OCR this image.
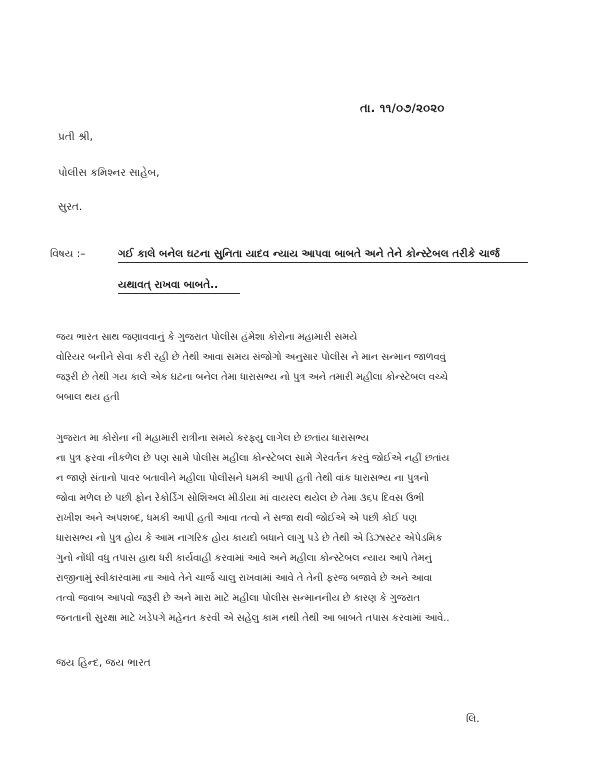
તા. ૧૧/૦૭/૨૦૨૦
પ્રતી શ્રી,
પોલીસ કમિશ્નર સાહેબ,
સુરત.
વિષય :–	ગઈ કાલે બનેલ ઘટના સુનિતા યાદવ ન્યાય આપવા બાબતે અને તેને કોન્સ્ટેબલ તરીકે ચાર્જ
યથાવત્ રાખવા બાબતે..
જય ભારત સાથ જણાવવાનું કે ગુજરાત પોલીસ હંમેશા કોરોના મહામારી સમયે
વોરિયર બનીને સેવા કરી રહી છે તેથી આવા સમય સંજોગો અનુસાર પોલીસ ને માન સન્માન જાળવવું
જરૂરી છે તેથી ગય કાલે એક ઘટના બનેલ તેમા ધારાસભ્ય નો પુત્ર અને તમારી મહીલા કોન્સ્ટેબલ વચ્ચે
બબાલ થય હતી
ગુજરાત મા કોરોના ની મહામારી રાત્રીના સમયે કરફ્યુ લાગેલ છે છતાંય ધારાસભ્ય
ના પુત્ર ફરવા નીકળેલ છે પણ સામે પોલીસ મહીલા કોન્સ્ટેબલ સામે ગેરવર્તન કરવું જોઈએ નહીં છતાંય
ન જાણે સંતાનો પાવર બતાવીને મહીલા પોલીસને ધમકી આપી હતી તેથી વાંક ધારાસભ્ય ના પુત્રનો
જોવા મળેલ છે પછી ફોન રેકોર્ડિંગ સોશિઅલ મીડીયા માં વાયરલ થયેલ છે તેમા ૩૬૫ દિવસ ઉભી
રાખીશ અને અપશબ્દ, ધમકી આપી હતી આવા તત્વો ને સજા થવી જોઈએ એ પછી કોઈ પણ
ધારાસભ્ય નો પુત્ર હોય કે આમ નાગરિક હોય કાયદો બધાને લાગુ પડે છે તેથી એ ડિઝાસ્ટર એપેડમિક
ગુનો નોંધી વધુ તપાસ હાથ ધરી કાર્યવાહી કરવામાં આવે અને મહીલા કોન્સ્ટેબલ ન્યાય આપે તેમનું
રાજીનામું સ્વીકારવામા ના આવે તેને ચાર્જ ચાલુ રાખવામાં આવે તે તેની ફરજ બજાવે છે અને આવા
તત્વો જવાબ આપવો જરૂરી છે અને મારા માટે મહીલા પોલીસ સન્માનનીય છે કારણ કે ગુજરાત
જનતાની સુરક્ષા માટે ખડેપગે મહેનત કરવી એ સહેલુ કામ નથી તેથી આ બાબતે તપાસ કરવામાં આવે..
જય હિન્દ, જય ભારત
લિ.
